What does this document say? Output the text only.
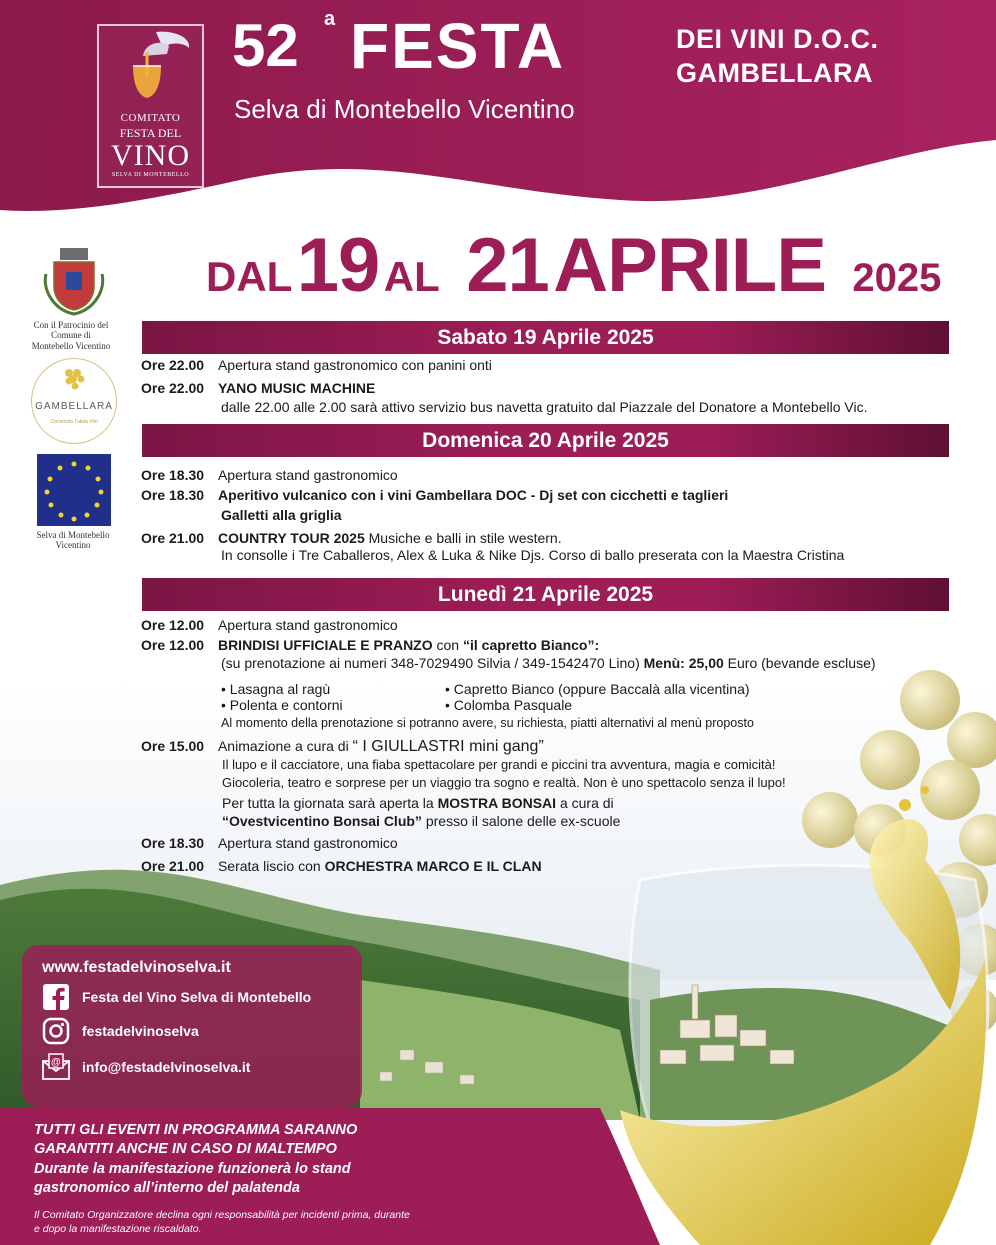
COMITATO
FESTA DEL
VINO
SELVA DI MONTEBELLO
52 a FESTA
Selva di Montebello Vicentino
DEI VINI D.O.C.
GAMBELLARA
DAL 19 AL 21 APRILE 2025
Con il Patrocinio del Comune di Montebello Vicentino
GAMBELLARA
Consorzio Tutela Vini
Selva di Montebello Vicentino
Sabato 19 Aprile 2025
Ore 22.00 Apertura stand gastronomico con panini onti
Ore 22.00 YANO MUSIC MACHINE
dalle 22.00 alle 2.00 sarà attivo servizio bus navetta gratuito dal Piazzale del Donatore a Montebello Vic.
Domenica 20 Aprile 2025
Ore 18.30 Apertura stand gastronomico
Ore 18.30 Aperitivo vulcanico con i vini Gambellara DOC - Dj set con cicchetti e taglieri
Galletti alla griglia
Ore 21.00 COUNTRY TOUR 2025 Musiche e balli in stile western.
In consolle i Tre Caballeros, Alex & Luka & Nike Djs. Corso di ballo preserata con la Maestra Cristina
Lunedì 21 Aprile 2025
Ore 12.00 Apertura stand gastronomico
Ore 12.00 BRINDISI UFFICIALE E PRANZO con “il capretto Bianco”:
(su prenotazione ai numeri 348-7029490 Silvia / 349-1542470 Lino) Menù: 25,00 Euro (bevande escluse)
• Lasagna al ragù
• Polenta e contorni
• Capretto Bianco (oppure Baccalà alla vicentina)
• Colomba Pasquale
Al momento della prenotazione si potranno avere, su richiesta, piatti alternativi al menù proposto
Ore 15.00 Animazione a cura di “ I GIULLASTRI mini gang”
Il lupo e il cacciatore, una fiaba spettacolare per grandi e piccini tra avventura, magia e comicità!
Giocoleria, teatro e sorprese per un viaggio tra sogno e realtà. Non è uno spettacolo senza il lupo!
Per tutta la giornata sarà aperta la MOSTRA BONSAI a cura di
“Ovestvicentino Bonsai Club” presso il salone delle ex-scuole
Ore 18.30 Apertura stand gastronomico
Ore 21.00 Serata liscio con ORCHESTRA MARCO E IL CLAN
www.festadelvinoselva.it
Festa del Vino Selva di Montebello
festadelvinoselva
@ info@festadelvinoselva.it
TUTTI GLI EVENTI IN PROGRAMMA SARANNO
GARANTITI ANCHE IN CASO DI MALTEMPO
Durante la manifestazione funzionerà lo stand
gastronomico all’interno del palatenda
Il Comitato Organizzatore declina ogni responsabilità per incidenti prima, durante
e dopo la manifestazione riscaldato.
